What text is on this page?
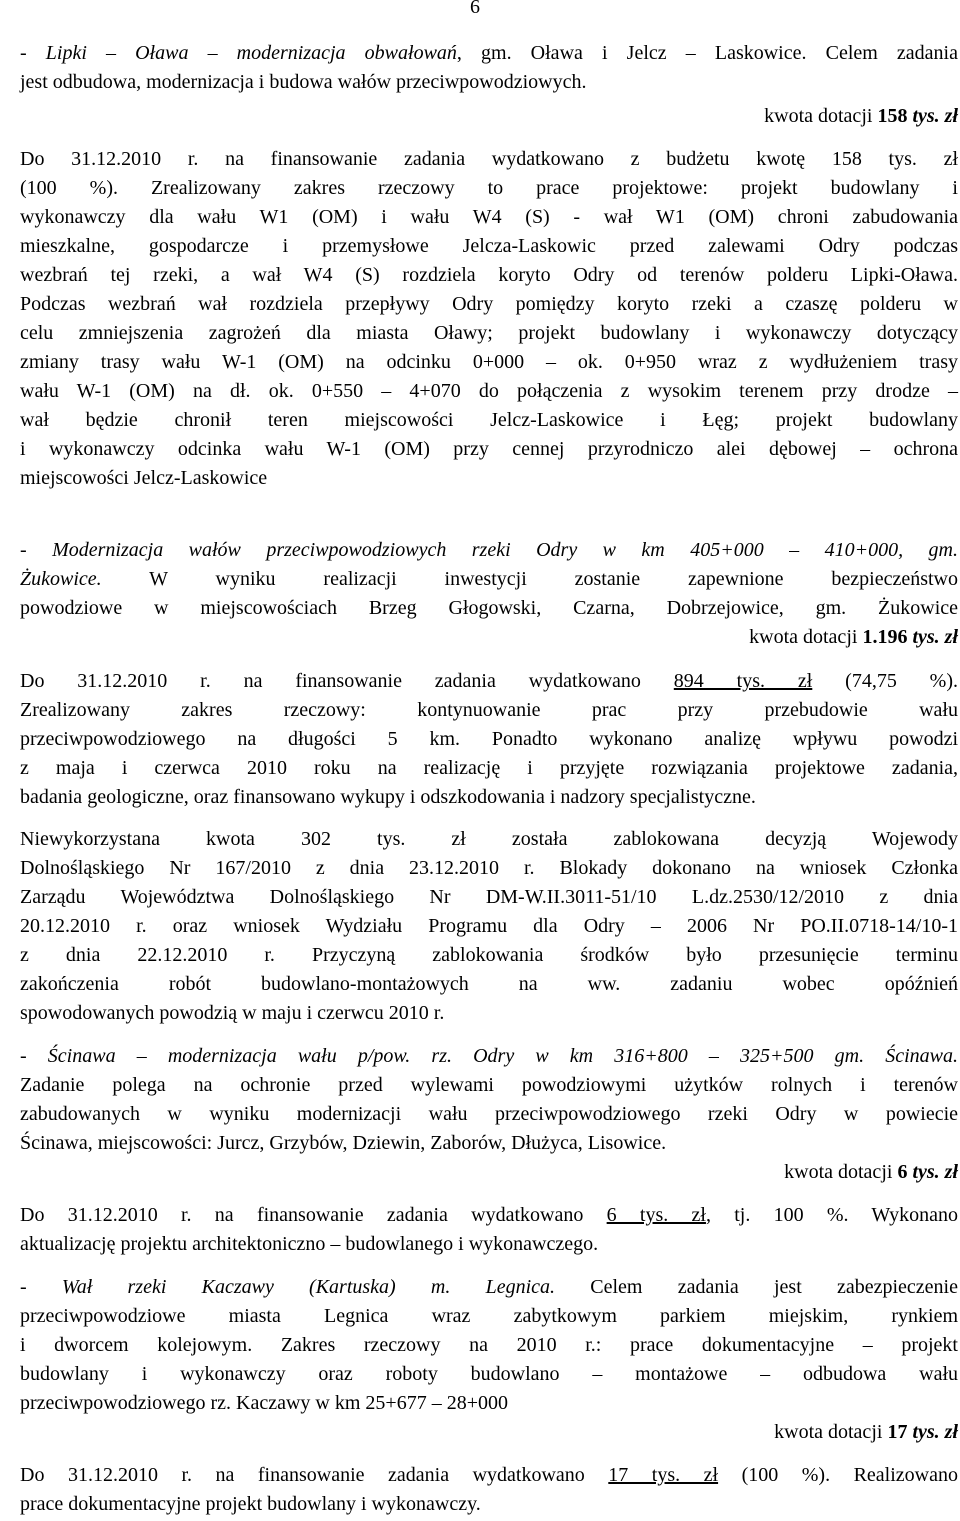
6
- Lipki – Oława – modernizacja obwałowań, gm. Oława i Jelcz – Laskowice. Celem zadania
jest odbudowa, modernizacja i budowa wałów przeciwpowodziowych.
kwota dotacji 158 tys. zł
Do 31.12.2010 r. na finansowanie zadania wydatkowano z budżetu kwotę 158 tys. zł
(100 %). Zrealizowany zakres rzeczowy to prace projektowe: projekt budowlany i
wykonawczy dla wału W1 (OM) i wału W4 (S) - wał W1 (OM) chroni zabudowania
mieszkalne, gospodarcze i przemysłowe Jelcza-Laskowic przed zalewami Odry podczas
wezbrań tej rzeki, a wał W4 (S) rozdziela koryto Odry od terenów polderu Lipki-Oława.
Podczas wezbrań wał rozdziela przepływy Odry pomiędzy koryto rzeki a czaszę polderu w
celu zmniejszenia zagrożeń dla miasta Oławy; projekt budowlany i wykonawczy dotyczący
zmiany trasy wału W-1 (OM) na odcinku 0+000 – ok. 0+950 wraz z wydłużeniem trasy
wału W-1 (OM) na dł. ok. 0+550 – 4+070 do połączenia z wysokim terenem przy drodze –
wał będzie chronił teren miejscowości Jelcz-Laskowice i Łęg; projekt budowlany
i wykonawczy odcinka wału W-1 (OM) przy cennej przyrodniczo alei dębowej – ochrona
miejscowości Jelcz-Laskowice
- Modernizacja wałów przeciwpowodziowych rzeki Odry w km 405+000 – 410+000, gm.
Żukowice. W wyniku realizacji inwestycji zostanie zapewnione bezpieczeństwo
powodziowe w miejscowościach Brzeg Głogowski, Czarna, Dobrzejowice, gm. Żukowice
kwota dotacji 1.196 tys. zł
Do 31.12.2010 r. na finansowanie zadania wydatkowano 894 tys. zł (74,75 %).
Zrealizowany zakres rzeczowy: kontynuowanie prac przy przebudowie wału
przeciwpowodziowego na długości 5 km. Ponadto wykonano analizę wpływu powodzi
z maja i czerwca 2010 roku na realizację i przyjęte rozwiązania projektowe zadania,
badania geologiczne, oraz finansowano wykupy i odszkodowania i nadzory specjalistyczne.
Niewykorzystana kwota 302 tys. zł została zablokowana decyzją Wojewody
Dolnośląskiego Nr 167/2010 z dnia 23.12.2010 r. Blokady dokonano na wniosek Członka
Zarządu Województwa Dolnośląskiego Nr DM-W.II.3011-51/10 L.dz.2530/12/2010 z dnia
20.12.2010 r. oraz wniosek Wydziału Programu dla Odry – 2006 Nr PO.II.0718-14/10-1
z dnia 22.12.2010 r. Przyczyną zablokowania środków było przesunięcie terminu
zakończenia robót budowlano-montażowych na ww. zadaniu wobec opóźnień
spowodowanych powodzią w maju i czerwcu 2010 r.
- Ścinawa – modernizacja wału p/pow. rz. Odry w km 316+800 – 325+500 gm. Ścinawa.
Zadanie polega na ochronie przed wylewami powodziowymi użytków rolnych i terenów
zabudowanych w wyniku modernizacji wału przeciwpowodziowego rzeki Odry w powiecie
Ścinawa, miejscowości: Jurcz, Grzybów, Dziewin, Zaborów, Dłużyca, Lisowice.
kwota dotacji 6 tys. zł
Do 31.12.2010 r. na finansowanie zadania wydatkowano 6 tys. zł, tj. 100 %. Wykonano
aktualizację projektu architektoniczno – budowlanego i wykonawczego.
- Wał rzeki Kaczawy (Kartuska) m. Legnica. Celem zadania jest zabezpieczenie
przeciwpowodziowe miasta Legnica wraz zabytkowym parkiem miejskim, rynkiem
i dworcem kolejowym. Zakres rzeczowy na 2010 r.: prace dokumentacyjne – projekt
budowlany i wykonawczy oraz roboty budowlano – montażowe – odbudowa wału
przeciwpowodziowego rz. Kaczawy w km 25+677 – 28+000
kwota dotacji 17 tys. zł
Do 31.12.2010 r. na finansowanie zadania wydatkowano 17 tys. zł (100 %). Realizowano
prace dokumentacyjne projekt budowlany i wykonawczy.
